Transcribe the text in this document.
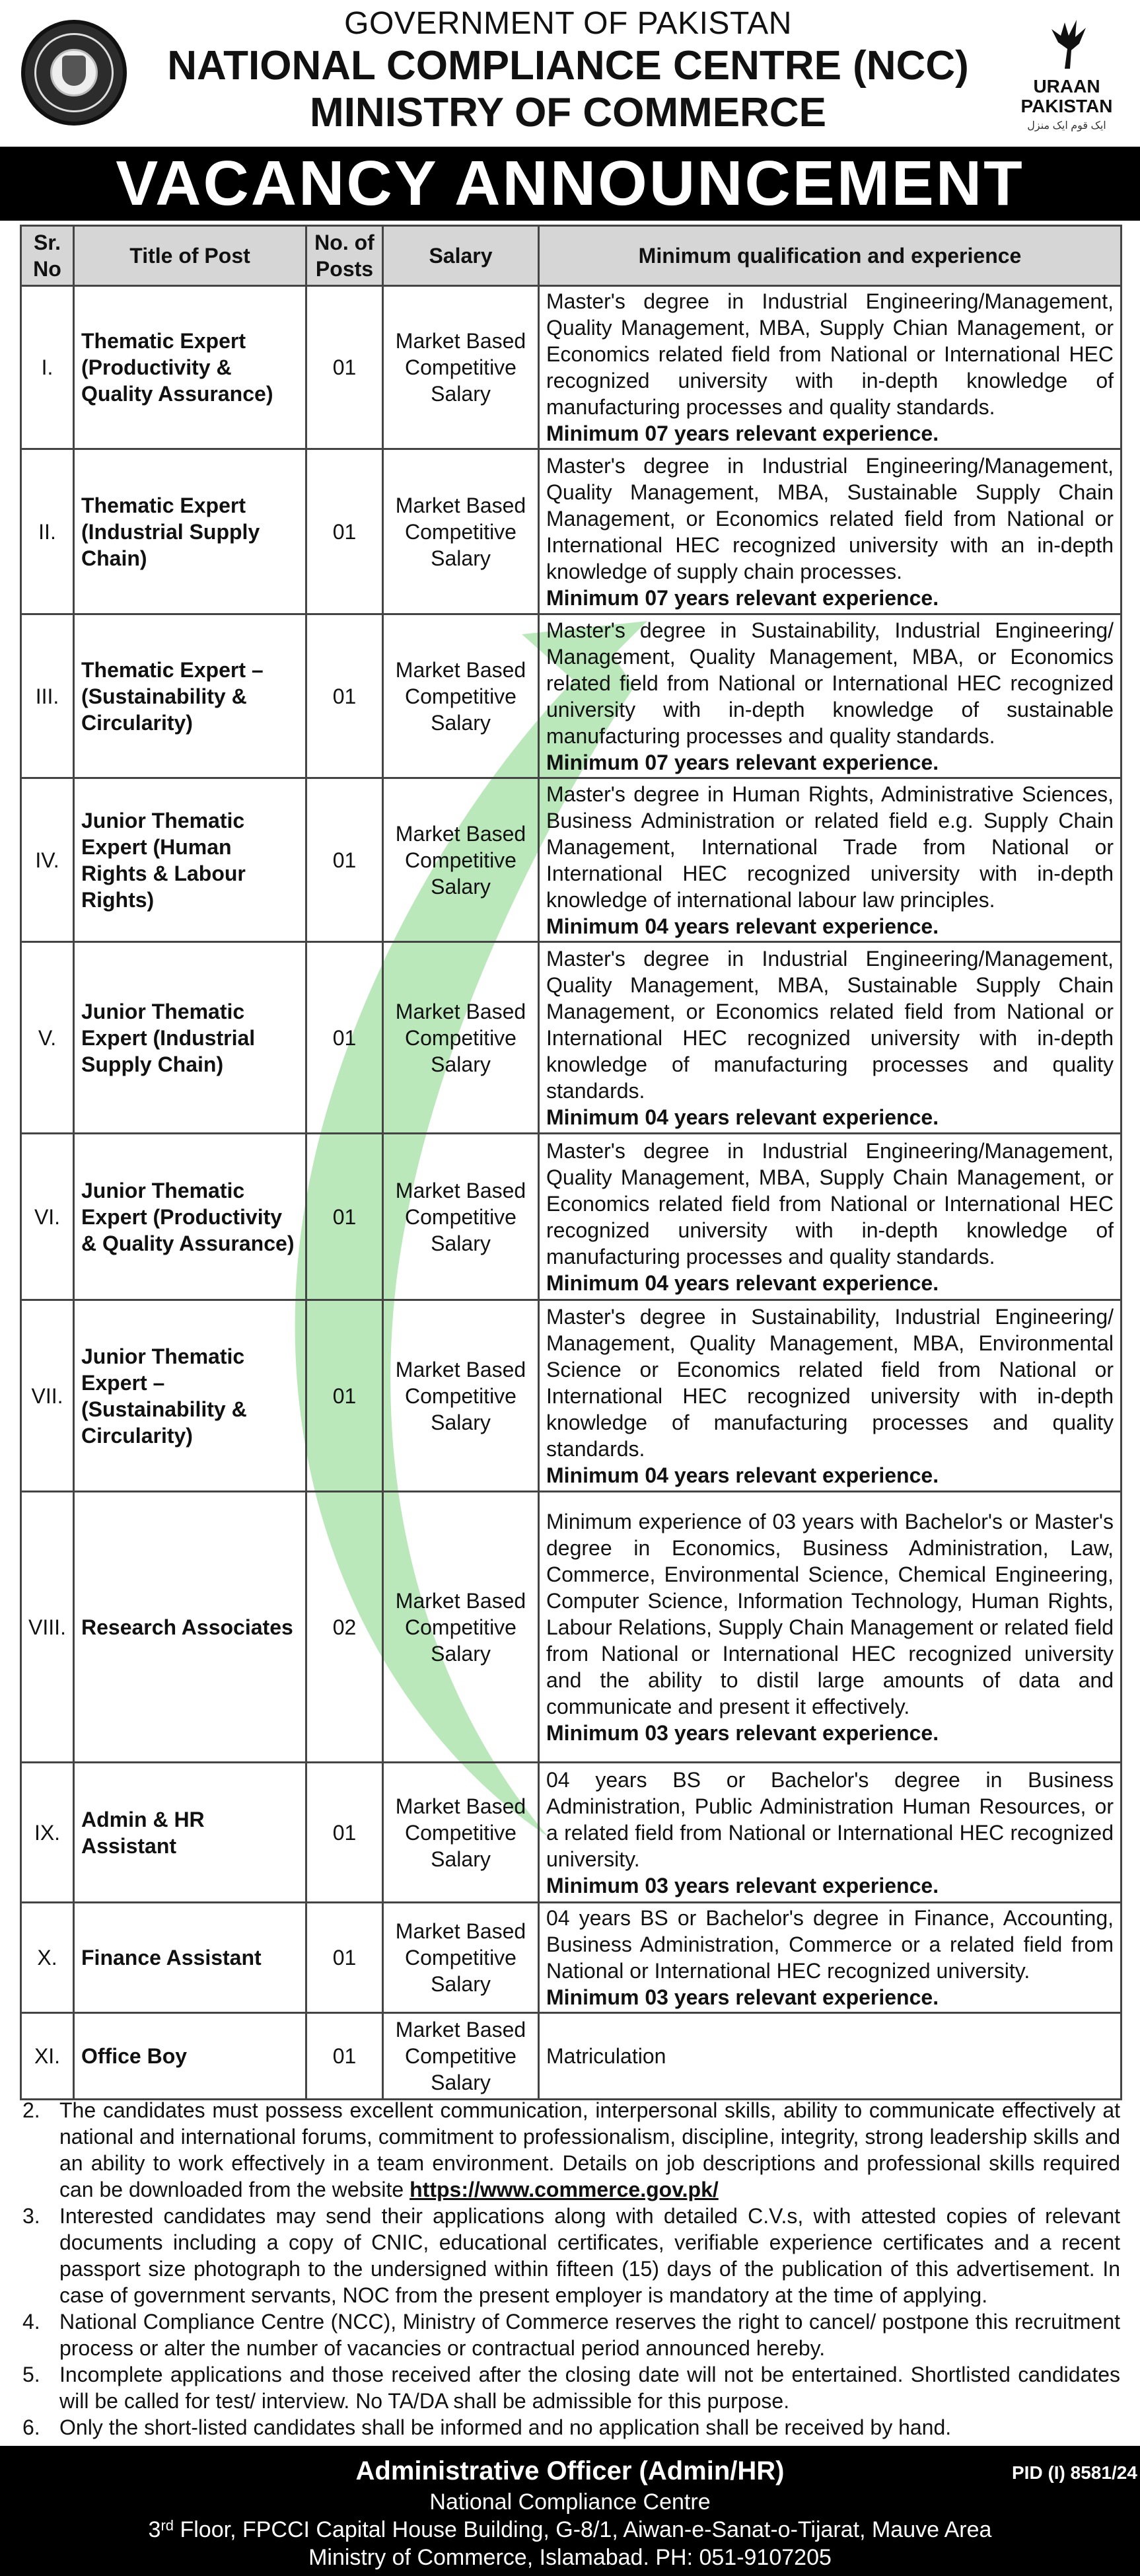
GOVERNMENT OF PAKISTAN
NATIONAL COMPLIANCE CENTRE (NCC)
MINISTRY OF COMMERCE
URAAN
PAKISTAN
ایک قوم ایک منزل
VACANCY ANNOUNCEMENT
Sr. No	Title of Post	No. of Posts	Salary	Minimum qualification and experience
I.	Thematic Expert (Productivity & Quality Assurance)	01	Market Based Competitive Salary	Master's degree in Industrial Engineering/Management, Quality Management, MBA, Supply Chian Management, or Economics related field from National or International HEC recognized university with in-depth knowledge of manufacturing processes and quality standards.
Minimum 07 years relevant experience.

II.	Thematic Expert (Industrial Supply Chain)	01	Market Based Competitive Salary	Master's degree in Industrial Engineering/Management, Quality Management, MBA, Sustainable Supply Chain Management, or Economics related field from National or International HEC recognized university with an in-depth knowledge of supply chain processes.
Minimum 07 years relevant experience.

III.	Thematic Expert – (Sustainability & Circularity)	01	Market Based Competitive Salary	Master's degree in Sustainability, Industrial Engineering/ Management, Quality Management, MBA, or Economics related field from National or International HEC recognized university with in-depth knowledge of sustainable manufacturing processes and quality standards.
Minimum 07 years relevant experience.

IV.	Junior Thematic Expert (Human Rights & Labour Rights)	01	Market Based Competitive Salary	Master's degree in Human Rights, Administrative Sciences, Business Administration or related field e.g. Supply Chain Management, International Trade from National or International HEC recognized university with in-depth knowledge of international labour law principles.
Minimum 04 years relevant experience.

V.	Junior Thematic Expert (Industrial Supply Chain)	01	Market Based Competitive Salary	Master's degree in Industrial Engineering/Management, Quality Management, MBA, Sustainable Supply Chain Management, or Economics related field from National or International HEC recognized university with in-depth knowledge of manufacturing processes and quality standards.
Minimum 04 years relevant experience.

VI.	Junior Thematic Expert (Productivity & Quality Assurance)	01	Market Based Competitive Salary	Master's degree in Industrial Engineering/Management, Quality Management, MBA, Supply Chain Management, or Economics related field from National or International HEC recognized university with in-depth knowledge of manufacturing processes and quality standards.
Minimum 04 years relevant experience.

VII.	Junior Thematic Expert – (Sustainability & Circularity)	01	Market Based Competitive Salary	Master's degree in Sustainability, Industrial Engineering/ Management, Quality Management, MBA, Environmental Science or Economics related field from National or International HEC recognized university with in-depth knowledge of manufacturing processes and quality standards.
Minimum 04 years relevant experience.

VIII.	Research Associates	02	Market Based Competitive Salary	Minimum experience of 03 years with Bachelor's or Master's degree in Economics, Business Administration, Law, Commerce, Environmental Science, Chemical Engineering, Computer Science, Information Technology, Human Rights, Labour Relations, Supply Chain Management or related field from National or International HEC recognized university and the ability to distil large amounts of data and communicate and present it effectively.
Minimum 03 years relevant experience.

IX.	Admin & HR Assistant	01	Market Based Competitive Salary	04 years BS or Bachelor's degree in Business Administration, Public Administration Human Resources, or a related field from National or International HEC recognized university.
Minimum 03 years relevant experience.

X.	Finance Assistant	01	Market Based Competitive Salary	04 years BS or Bachelor's degree in Finance, Accounting, Business Administration, Commerce or a related field from National or International HEC recognized university.
Minimum 03 years relevant experience.

XI.	Office Boy	01	Market Based Competitive Salary	Matriculation
2. The candidates must possess excellent communication, interpersonal skills, ability to communicate effectively at national and international forums, commitment to professionalism, discipline, integrity, strong leadership skills and an ability to work effectively in a team environment. Details on job descriptions and professional skills required can be downloaded from the website https://www.commerce.gov.pk/
3. Interested candidates may send their applications along with detailed C.V.s, with attested copies of relevant documents including a copy of CNIC, educational certificates, verifiable experience certificates and a recent passport size photograph to the undersigned within fifteen (15) days of the publication of this advertisement. In case of government servants, NOC from the present employer is mandatory at the time of applying.
4. National Compliance Centre (NCC), Ministry of Commerce reserves the right to cancel/ postpone this recruitment process or alter the number of vacancies or contractual period announced hereby.
5. Incomplete applications and those received after the closing date will not be entertained. Shortlisted candidates will be called for test/ interview. No TA/DA shall be admissible for this purpose.
6. Only the short-listed candidates shall be informed and no application shall be received by hand.
Administrative Officer (Admin/HR)	PID (I) 8581/24
National Compliance Centre
3rd Floor, FPCCI Capital House Building, G-8/1, Aiwan-e-Sanat-o-Tijarat, Mauve Area
Ministry of Commerce, Islamabad. PH: 051-9107205
